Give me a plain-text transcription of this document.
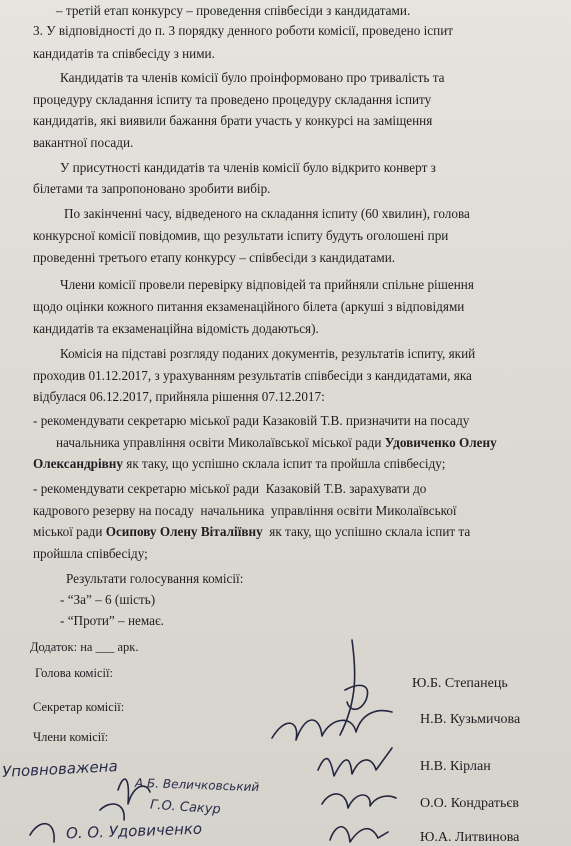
– третій етап конкурсу – проведення співбесіди з кандидатами.
3. У відповідності до п. 3 порядку денного роботи комісії, проведено іспит
кандидатів та співбесіду з ними.
Кандидатів та членів комісії було проінформовано про тривалість та
процедуру складання іспиту та проведено процедуру складання іспиту
кандидатів, які виявили бажання брати участь у конкурсі на заміщення
вакантної посади.
У присутності кандидатів та членів комісії було відкрито конверт з
білетами та запропоновано зробити вибір.
По закінченні часу, відведеного на складання іспиту (60 хвилин), голова
конкурсної комісії повідомив, що результати іспиту будуть оголошені при
проведенні третього етапу конкурсу – співбесіди з кандидатами.
Члени комісії провели перевірку відповідей та прийняли спільне рішення
щодо оцінки кожного питання екзаменаційного білета (аркуші з відповідями
кандидатів та екзаменаційна відомість додаються).
Комісія на підставі розгляду поданих документів, результатів іспиту, який
проходив 01.12.2017, з урахуванням результатів співбесіди з кандидатами, яка
відбулася 06.12.2017, прийняла рішення 07.12.2017:
- рекомендувати секретарю міської ради Казаковій Т.В. призначити на посаду
начальника управління освіти Миколаївської міської ради Удовиченко Олену
Олександрівну як таку, що успішно склала іспит та пройшла співбесіду;
- рекомендувати секретарю міської ради  Казаковій Т.В. зарахувати до
кадрового резерву на посаду  начальника  управління освіти Миколаївської
міської ради Осипову Олену Віталіївну як таку, що успішно склала іспит та
пройшла співбесіду;
Результати голосування комісії:
- “За” – 6 (шість)
- “Проти” – немає.
Додаток: на ___ арк.
Голова комісії:
Секретар комісії:
Члени комісії:
Ю.Б. Степанець
Н.В. Кузьмичова
Н.В. Кірлан
О.О. Кондратьєв
Ю.А. Литвинова
Уповноважена
А.Б. Величковський
Г.О. Сакур
О. О. Удовиченко
